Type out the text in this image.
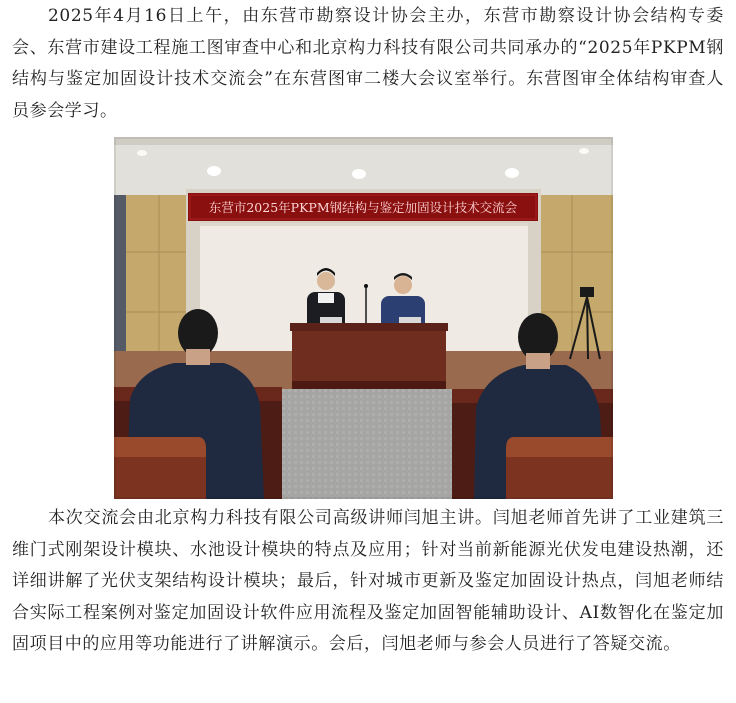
2025年4月16日上午，由东营市勘察设计协会主办，东营市勘察设计协会结构专委会、东营市建设工程施工图审查中心和北京构力科技有限公司共同承办的“2025年PKPM钢结构与鉴定加固设计技术交流会”在东营图审二楼大会议室举行。东营图审全体结构审查人员参会学习。

东营市2025年PKPM钢结构与鉴定加固设计技术交流会

本次交流会由北京构力科技有限公司高级讲师闫旭主讲。闫旭老师首先讲了工业建筑三维门式刚架设计模块、水池设计模块的特点及应用；针对当前新能源光伏发电建设热潮，还详细讲解了光伏支架结构设计模块；最后，针对城市更新及鉴定加固设计热点，闫旭老师结合实际工程案例对鉴定加固设计软件应用流程及鉴定加固智能辅助设计、AI数智化在鉴定加固项目中的应用等功能进行了讲解演示。会后，闫旭老师与参会人员进行了答疑交流。
